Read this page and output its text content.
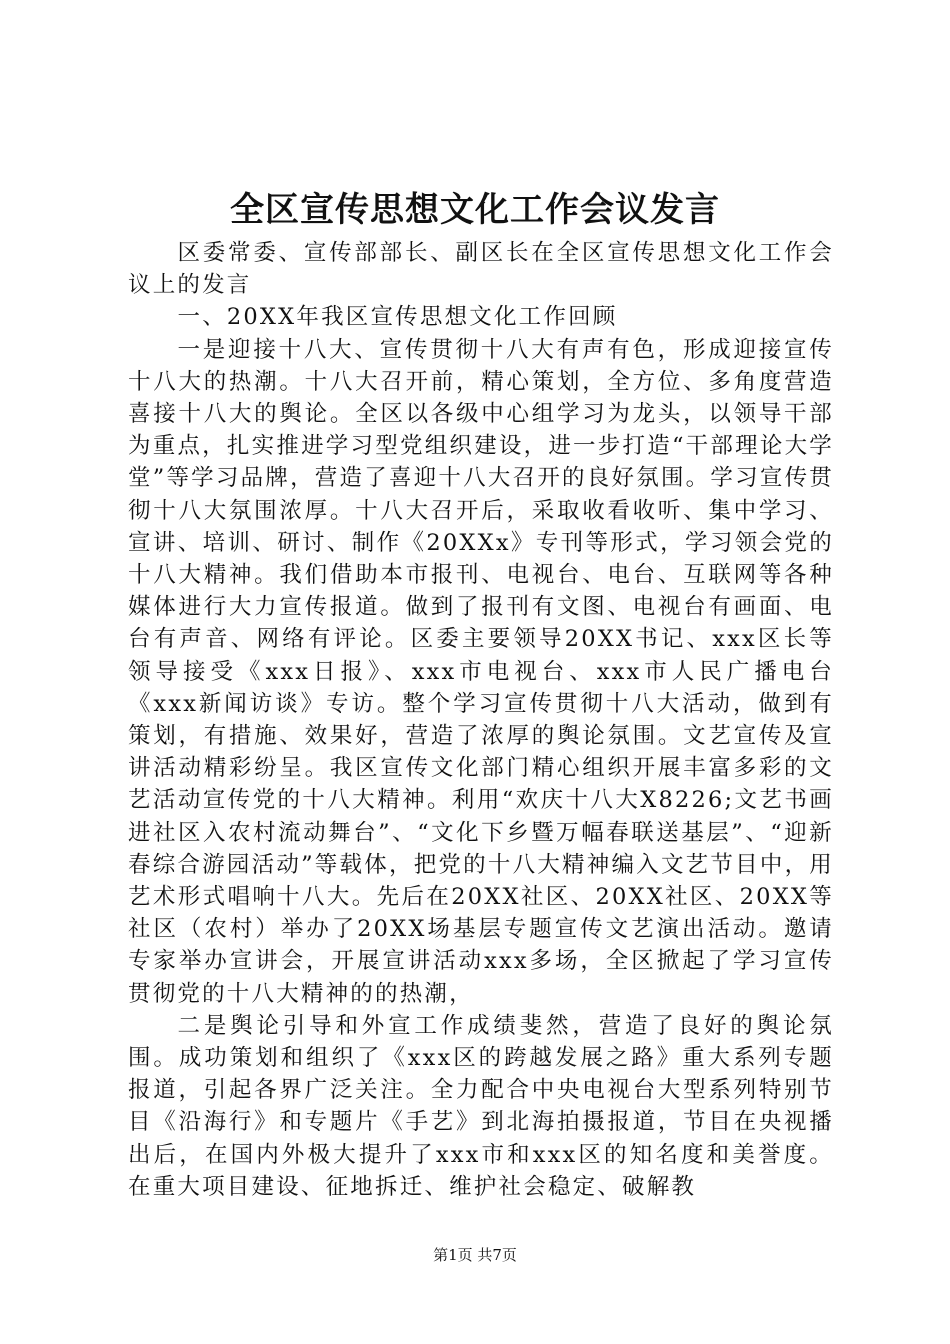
全区宣传思想文化工作会议发言

区委常委、宣传部部长、副区长在全区宣传思想文化工作会议上的发言

一、20XX年我区宣传思想文化工作回顾

一是迎接十八大、宣传贯彻十八大有声有色，形成迎接宣传十八大的热潮。十八大召开前，精心策划，全方位、多角度营造喜接十八大的舆论。全区以各级中心组学习为龙头，以领导干部为重点，扎实推进学习型党组织建设，进一步打造“干部理论大学堂”等学习品牌，营造了喜迎十八大召开的良好氛围。学习宣传贯彻十八大氛围浓厚。十八大召开后，采取收看收听、集中学习、宣讲、培训、研讨、制作《20XXx》专刊等形式，学习领会党的十八大精神。我们借助本市报刊、电视台、电台、互联网等各种媒体进行大力宣传报道。做到了报刊有文图、电视台有画面、电台有声音、网络有评论。区委主要领导20XX书记、xxx区长等领导接受《xxx日报》、xxx市电视台、xxx市人民广播电台《xxx新闻访谈》专访。整个学习宣传贯彻十八大活动，做到有策划，有措施、效果好，营造了浓厚的舆论氛围。文艺宣传及宣讲活动精彩纷呈。我区宣传文化部门精心组织开展丰富多彩的文艺活动宣传党的十八大精神。利用“欢庆十八大X8226;文艺书画进社区入农村流动舞台”、“文化下乡暨万幅春联送基层”、“迎新春综合游园活动”等载体，把党的十八大精神编入文艺节目中，用艺术形式唱响十八大。先后在20XX社区、20XX社区、20XX等社区（农村）举办了20XX场基层专题宣传文艺演出活动。邀请专家举办宣讲会，开展宣讲活动xxx多场，全区掀起了学习宣传贯彻党的十八大精神的的热潮，

二是舆论引导和外宣工作成绩斐然，营造了良好的舆论氛围。成功策划和组织了《xxx区的跨越发展之路》重大系列专题报道，引起各界广泛关注。全力配合中央电视台大型系列特别节目《沿海行》和专题片《手艺》到北海拍摄报道，节目在央视播出后，在国内外极大提升了xxx市和xxx区的知名度和美誉度。在重大项目建设、征地拆迁、维护社会稳定、破解教

第1页 共7页
